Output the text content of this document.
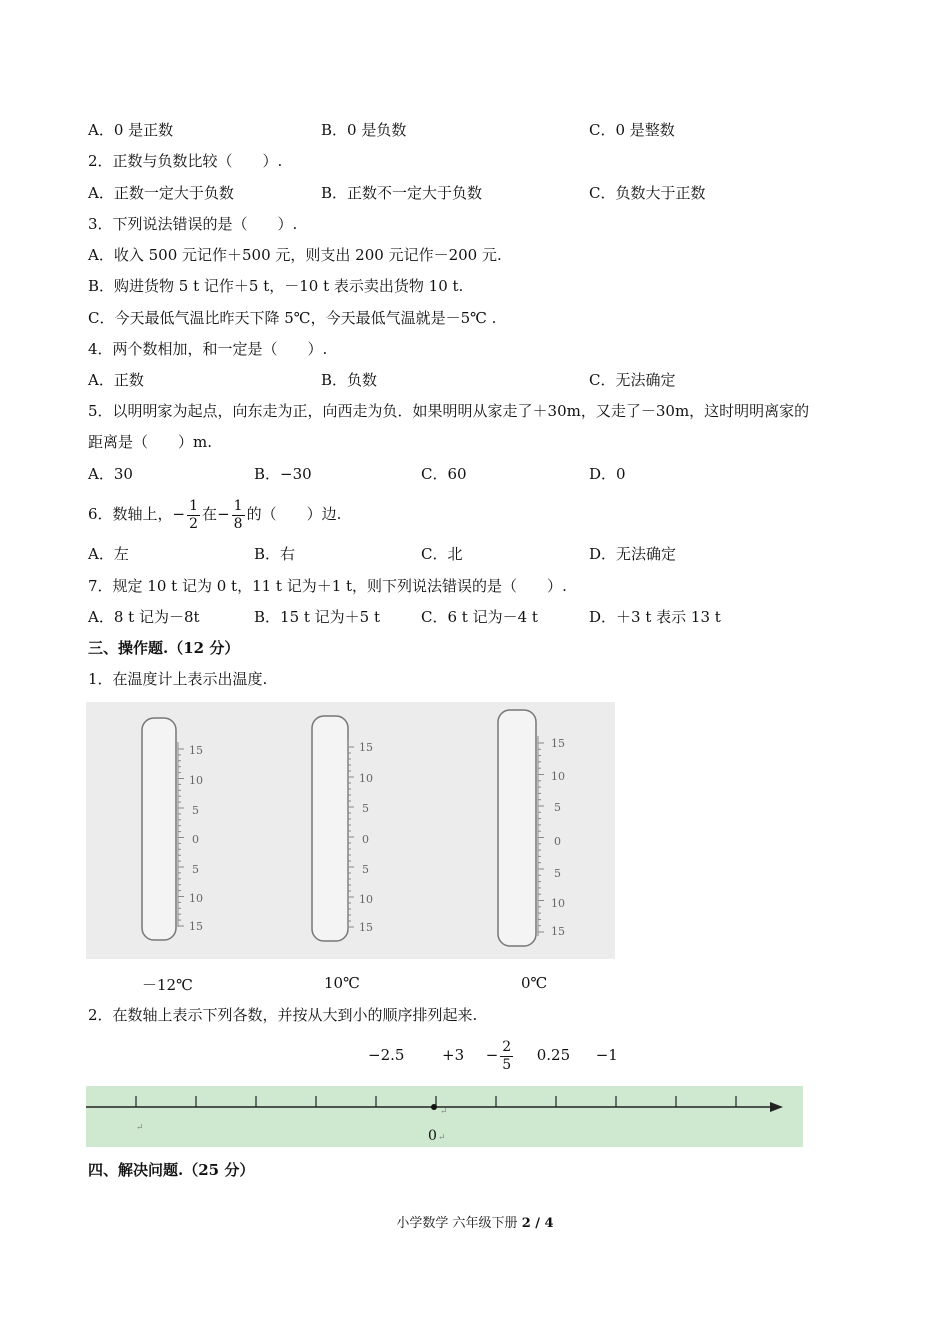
A．0 是正数	B．0 是负数	C．0 是整数
2．正数与负数比较（　　）.
A．正数一定大于负数	B．正数不一定大于负数	C．负数大于正数
3．下列说法错误的是（　　）.
A．收入 500 元记作＋500 元，则支出 200 元记作－200 元.
B．购进货物 5 t 记作＋5 t，－10 t 表示卖出货物 10 t.
C．今天最低气温比昨天下降 5℃，今天最低气温就是－5℃ .
4．两个数相加，和一定是（　　）.
A．正数	B．负数	C．无法确定
5．以明明家为起点，向东走为正，向西走为负．如果明明从家走了＋30m，又走了－30m，这时明明离家的
距离是（　　）m.
A．30	B．−30	C．60	D．0
6．数轴上，− $\frac{1}{2}$ 在− $\frac{1}{8}$ 的（　　）边.
A．左	B．右	C．北	D．无法确定
7．规定 10 t 记为 0 t，11 t 记为＋1 t，则下列说法错误的是（　　）.
A．8 t 记为－8t	B．15 t 记为＋5 t	C．6 t 记为－4 t	D．＋3 t 表示 13 t
三、操作题.（12 分）
1．在温度计上表示出温度.
15
10
5
0
5
10
15
15
10
5
0
5
10
15
15
10
5
0
5
10
15
－12℃	10℃	0℃
2．在数轴上表示下列各数，并按从大到小的顺序排列起来.
−2.5	$+3 - \frac{2}{5} 0.25 -1$
0 ↵
↵
↵
四、解决问题.（25 分）
小学数学 六年级下册 2 / 4
